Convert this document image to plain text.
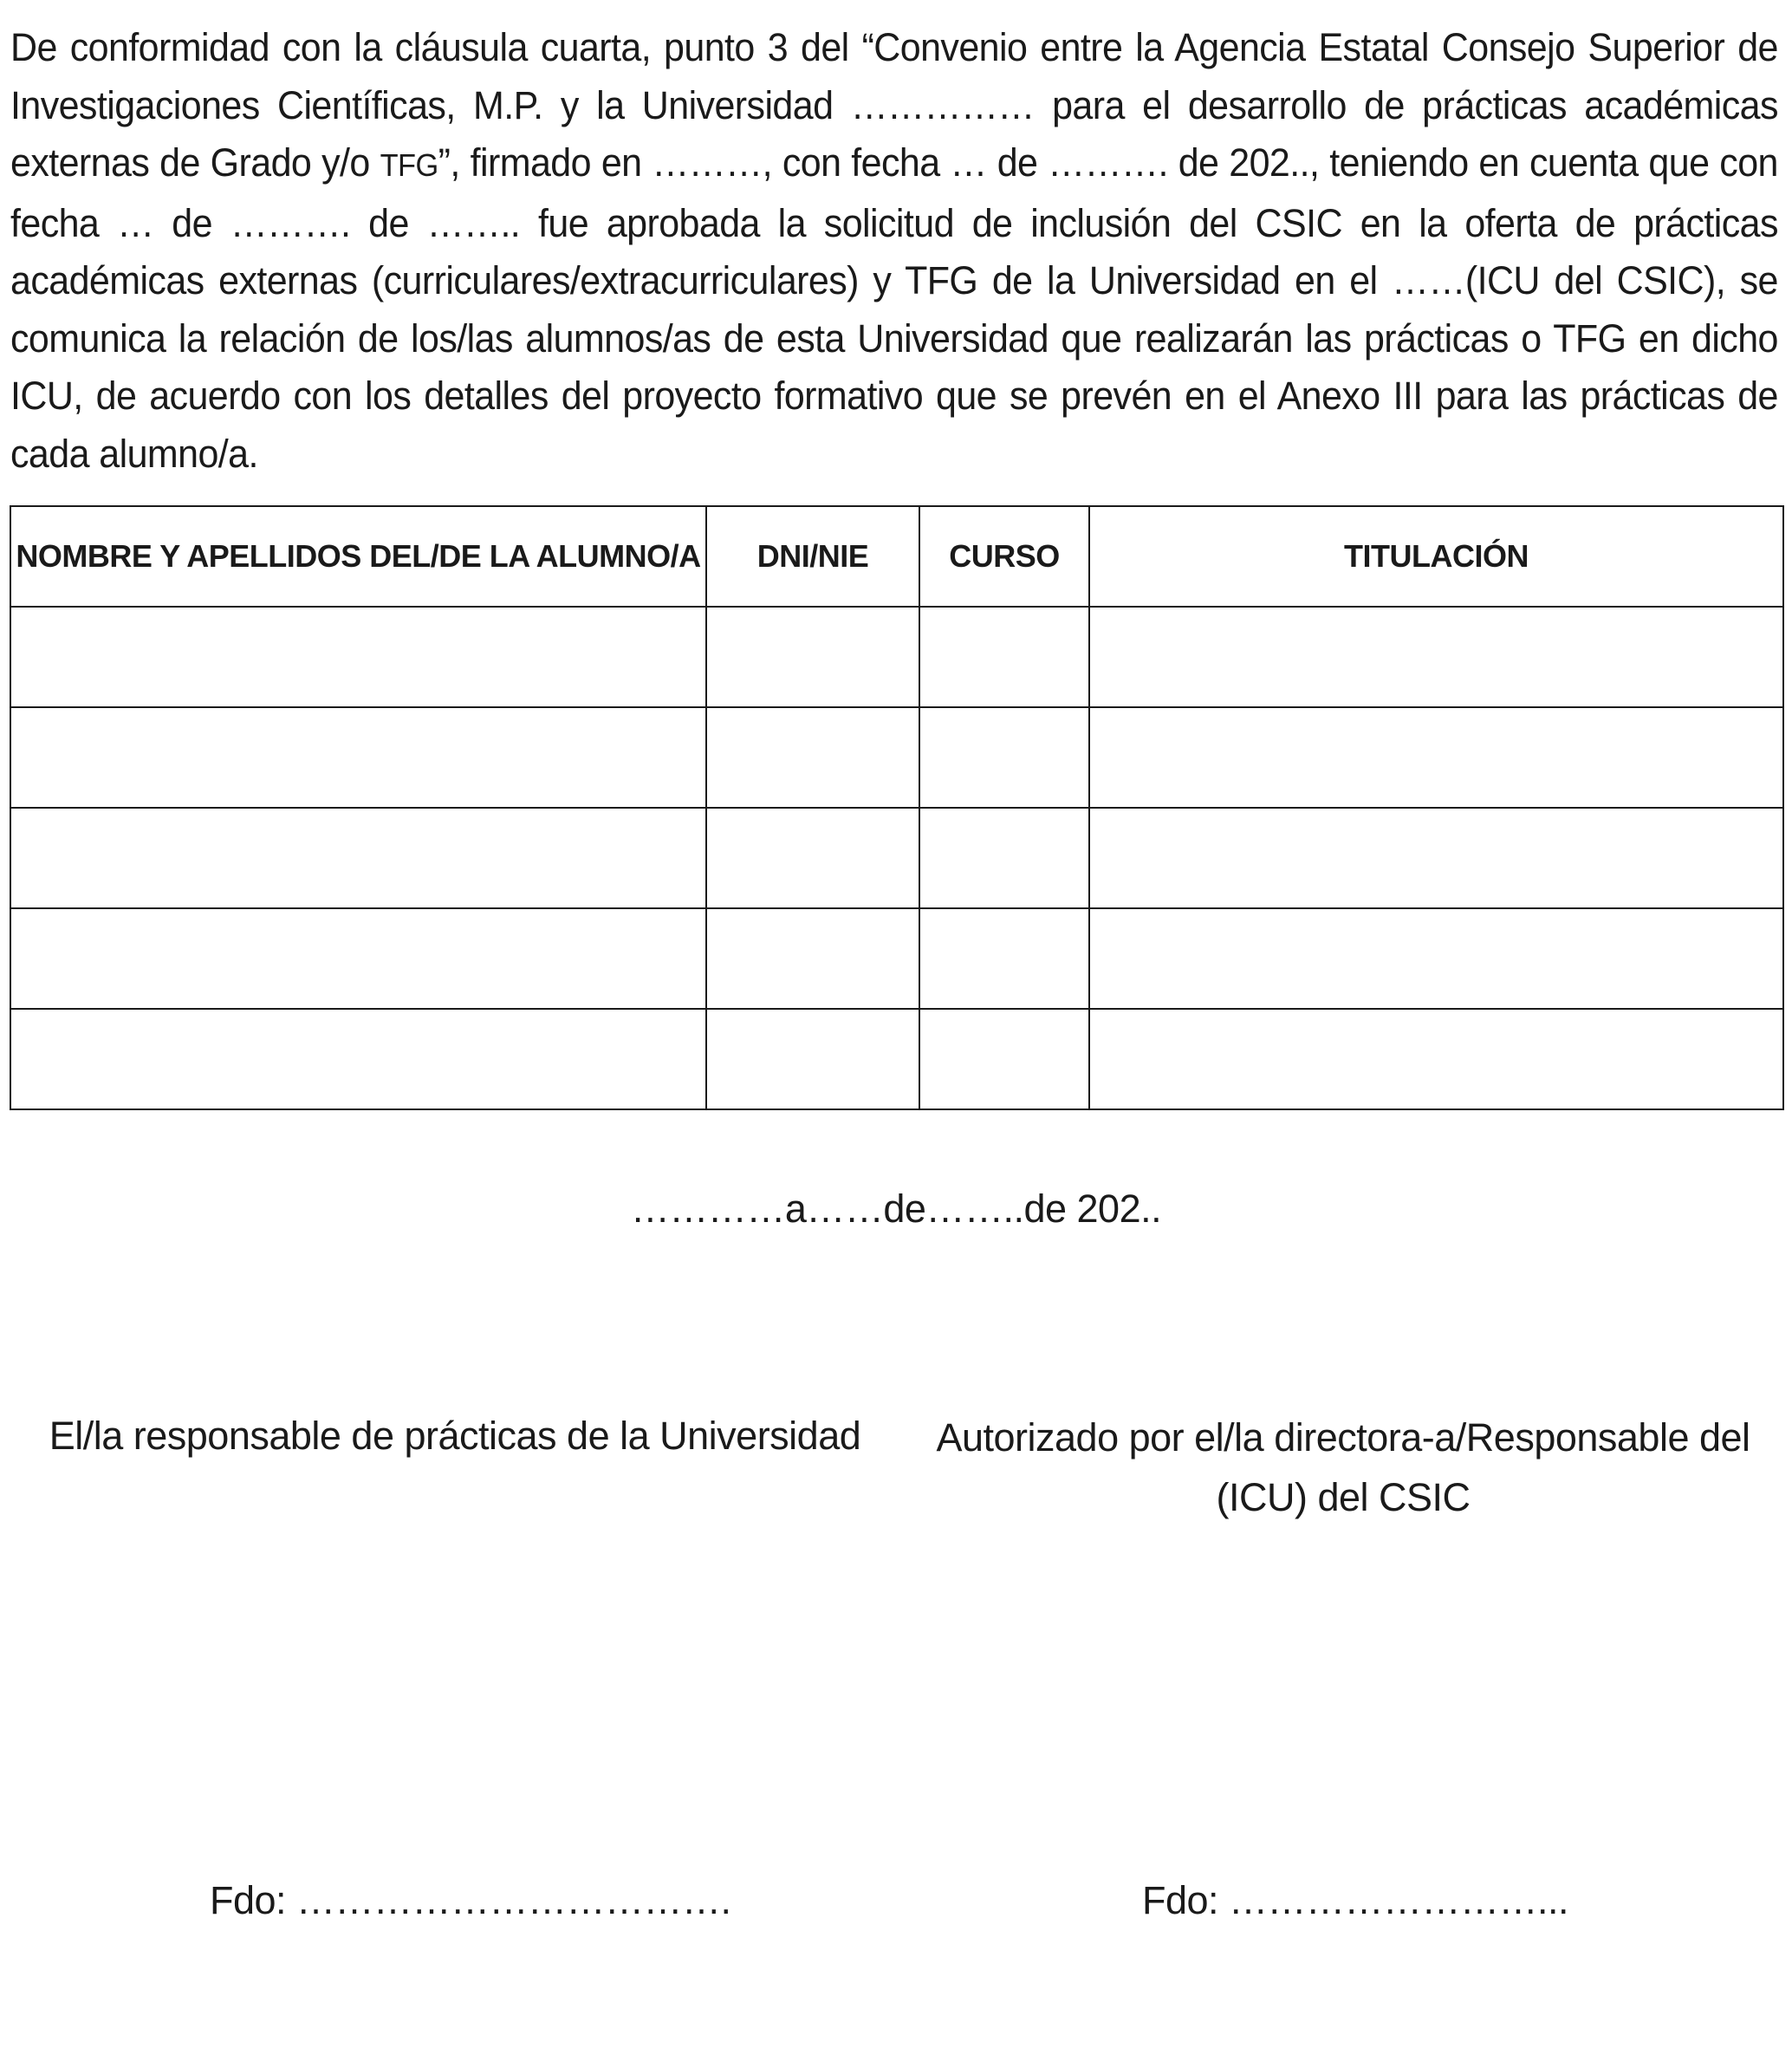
De conformidad con la cláusula cuarta, punto 3 del “Convenio entre la Agencia Estatal Consejo Superior de Investigaciones Científicas, M.P. y la Universidad …………… para el desarrollo de prácticas académicas externas de Grado y/o TFG”, firmado en ………, con fecha … de ………. de 202.., teniendo en cuenta que con fecha … de ………. de …….. fue aprobada la solicitud de inclusión del CSIC en la oferta de prácticas académicas externas (curriculares/extracurriculares) y TFG de la Universidad en el ……(ICU del CSIC), se comunica la relación de los/las alumnos/as de esta Universidad que realizarán las prácticas o TFG en dicho ICU, de acuerdo con los detalles del proyecto formativo que se prevén en el Anexo III para las prácticas de cada alumno/a.

NOMBRE Y APELLIDOS DEL/DE LA ALUMNO/A	DNI/NIE	CURSO	TITULACIÓN

…………a……de……..de 202..
El/la responsable de prácticas de la Universidad Autorizado por el/la directora-a/Responsable del
(ICU) del CSIC
Fdo: …………………………….	Fdo: ……………………...
